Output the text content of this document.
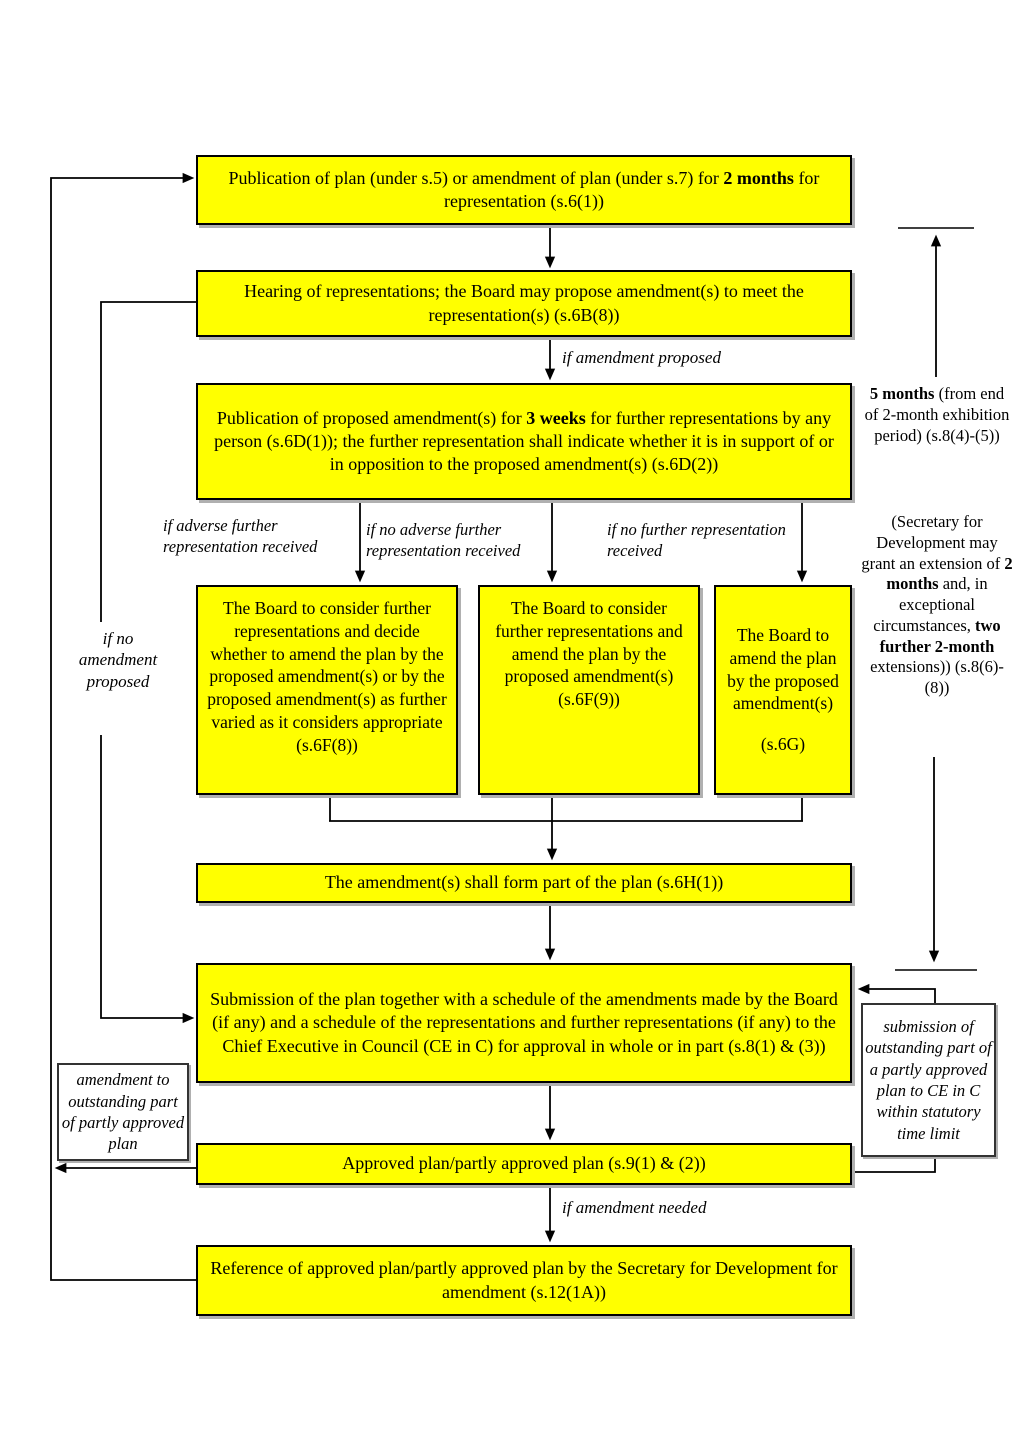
Publication of plan (under s.5) or amendment of plan (under s.7) for 2 months for representation (s.6(1))

Hearing of representations; the Board may propose amendment(s) to meet the representation(s) (s.6B(8))

if amendment proposed

Publication of proposed amendment(s) for 3 weeks for further representations by any person (s.6D(1)); the further representation shall indicate whether it is in support of or in opposition to the proposed amendment(s) (s.6D(2))

if adverse further representation received
if no adverse further representation received
if no further representation received
if no amendment proposed

The Board to consider further representations and decide whether to amend the plan by the proposed amendment(s) or by the proposed amendment(s) as further varied as it considers appropriate (s.6F(8))

The Board to consider further representations and amend the plan by the proposed amendment(s) (s.6F(9))

The Board to amend the plan by the proposed amendment(s)

(s.6G)

The amendment(s) shall form part of the plan (s.6H(1))

Submission of the plan together with a schedule of the amendments made by the Board (if any) and a schedule of the representations and further representations (if any) to the Chief Executive in Council (CE in C) for approval in whole or in part (s.8(1) & (3))

Approved plan/partly approved plan (s.9(1) & (2))

if amendment needed

Reference of approved plan/partly approved plan by the Secretary for Development for amendment (s.12(1A))

5 months (from end of 2-month exhibition period) (s.8(4)-(5))
(Secretary for Development may grant an extension of 2 months and, in exceptional circumstances, two further 2-month extensions)) (s.8(6)-(8))
amendment to outstanding part of partly approved plan
submission of outstanding part of a partly approved plan to CE in C within statutory time limit
